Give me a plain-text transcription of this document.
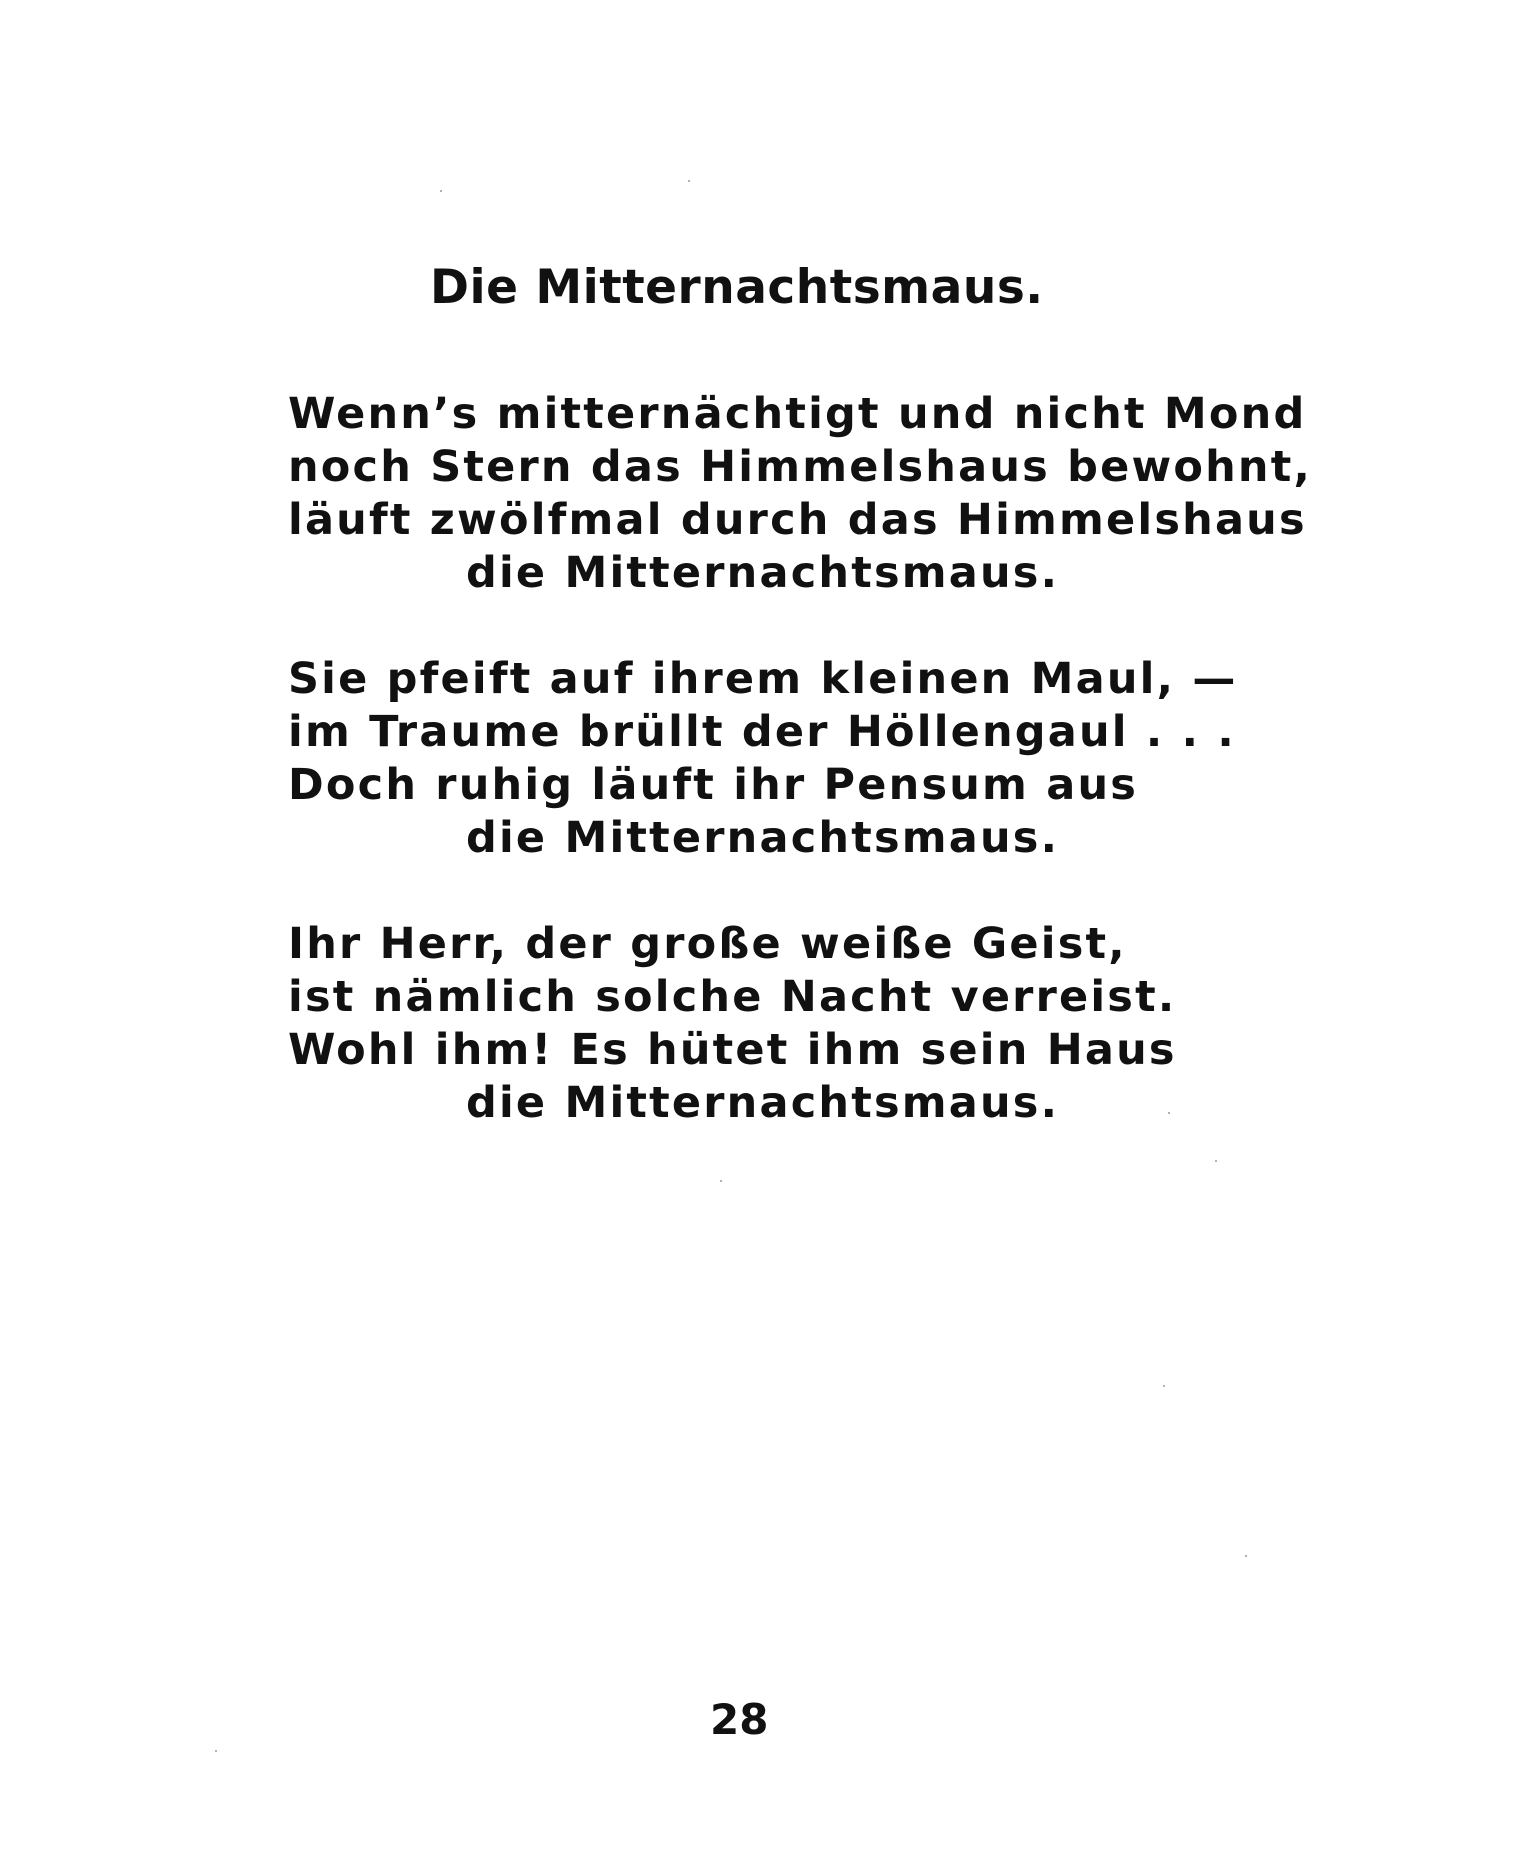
Die Mitternachtsmaus.
Wenn’s mitternächtigt und nicht Mond
noch Stern das Himmelshaus bewohnt,
läuft zwölfmal durch das Himmelshaus
die Mitternachtsmaus.
Sie pfeift auf ihrem kleinen Maul, —
im Traume brüllt der Höllengaul . . .
Doch ruhig läuft ihr Pensum aus
die Mitternachtsmaus.
Ihr Herr, der große weiße Geist,
ist nämlich solche Nacht verreist.
Wohl ihm! Es hütet ihm sein Haus
die Mitternachtsmaus.
28
